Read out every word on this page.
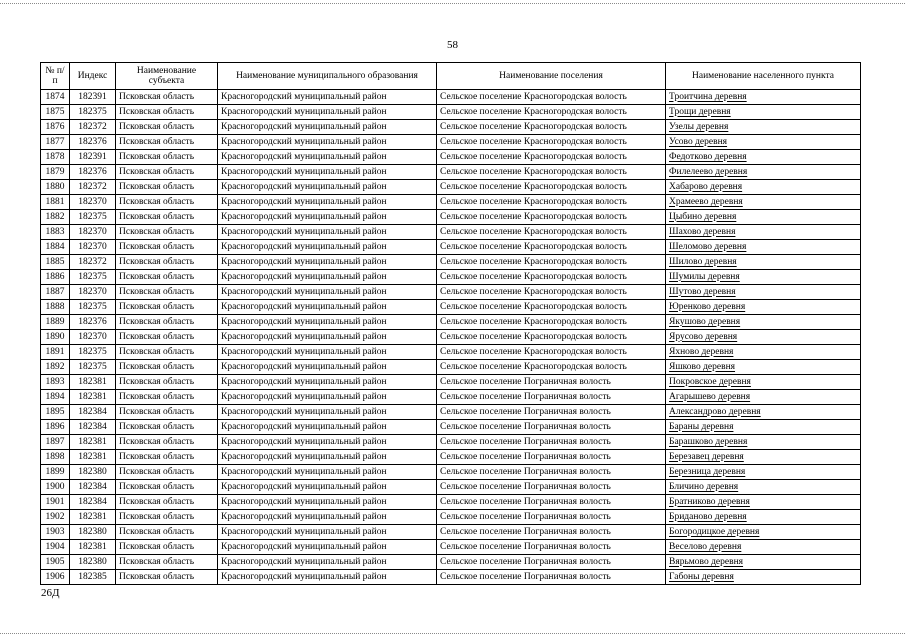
58
№ п/п	Индекс	Наименование субъекта	Наименование муниципального образования	Наименование поселения	Наименование населенного пункта
1874	182391	Псковская область	Красногородский муниципальный район	Сельское поселение Красногородская волость	Троитчина деревня
1875	182375	Псковская область	Красногородский муниципальный район	Сельское поселение Красногородская волость	Трощи деревня
1876	182372	Псковская область	Красногородский муниципальный район	Сельское поселение Красногородская волость	Узелы деревня
1877	182376	Псковская область	Красногородский муниципальный район	Сельское поселение Красногородская волость	Усово деревня
1878	182391	Псковская область	Красногородский муниципальный район	Сельское поселение Красногородская волость	Федотково деревня
1879	182376	Псковская область	Красногородский муниципальный район	Сельское поселение Красногородская волость	Филелеево деревня
1880	182372	Псковская область	Красногородский муниципальный район	Сельское поселение Красногородская волость	Хабарово деревня
1881	182370	Псковская область	Красногородский муниципальный район	Сельское поселение Красногородская волость	Храмеево деревня
1882	182375	Псковская область	Красногородский муниципальный район	Сельское поселение Красногородская волость	Цыбино деревня
1883	182370	Псковская область	Красногородский муниципальный район	Сельское поселение Красногородская волость	Шахово деревня
1884	182370	Псковская область	Красногородский муниципальный район	Сельское поселение Красногородская волость	Шеломово деревня
1885	182372	Псковская область	Красногородский муниципальный район	Сельское поселение Красногородская волость	Шилово деревня
1886	182375	Псковская область	Красногородский муниципальный район	Сельское поселение Красногородская волость	Шумилы деревня
1887	182370	Псковская область	Красногородский муниципальный район	Сельское поселение Красногородская волость	Шутово деревня
1888	182375	Псковская область	Красногородский муниципальный район	Сельское поселение Красногородская волость	Юренково деревня
1889	182376	Псковская область	Красногородский муниципальный район	Сельское поселение Красногородская волость	Якушово деревня
1890	182370	Псковская область	Красногородский муниципальный район	Сельское поселение Красногородская волость	Ярусово деревня
1891	182375	Псковская область	Красногородский муниципальный район	Сельское поселение Красногородская волость	Яхново деревня
1892	182375	Псковская область	Красногородский муниципальный район	Сельское поселение Красногородская волость	Яшково деревня
1893	182381	Псковская область	Красногородский муниципальный район	Сельское поселение Пограничная волость	Покровское деревня
1894	182381	Псковская область	Красногородский муниципальный район	Сельское поселение Пограничная волость	Агарышево деревня
1895	182384	Псковская область	Красногородский муниципальный район	Сельское поселение Пограничная волость	Александрово деревня
1896	182384	Псковская область	Красногородский муниципальный район	Сельское поселение Пограничная волость	Бараны деревня
1897	182381	Псковская область	Красногородский муниципальный район	Сельское поселение Пограничная волость	Барашково деревня
1898	182381	Псковская область	Красногородский муниципальный район	Сельское поселение Пограничная волость	Березавец деревня
1899	182380	Псковская область	Красногородский муниципальный район	Сельское поселение Пограничная волость	Березница деревня
1900	182384	Псковская область	Красногородский муниципальный район	Сельское поселение Пограничная волость	Бличино деревня
1901	182384	Псковская область	Красногородский муниципальный район	Сельское поселение Пограничная волость	Братниково деревня
1902	182381	Псковская область	Красногородский муниципальный район	Сельское поселение Пограничная волость	Бриданово деревня
1903	182380	Псковская область	Красногородский муниципальный район	Сельское поселение Пограничная волость	Богородицкое деревня
1904	182381	Псковская область	Красногородский муниципальный район	Сельское поселение Пограничная волость	Веселово деревня
1905	182380	Псковская область	Красногородский муниципальный район	Сельское поселение Пограничная волость	Вярьмово деревня
1906	182385	Псковская область	Красногородский муниципальный район	Сельское поселение Пограничная волость	Габоны деревня
26Д
